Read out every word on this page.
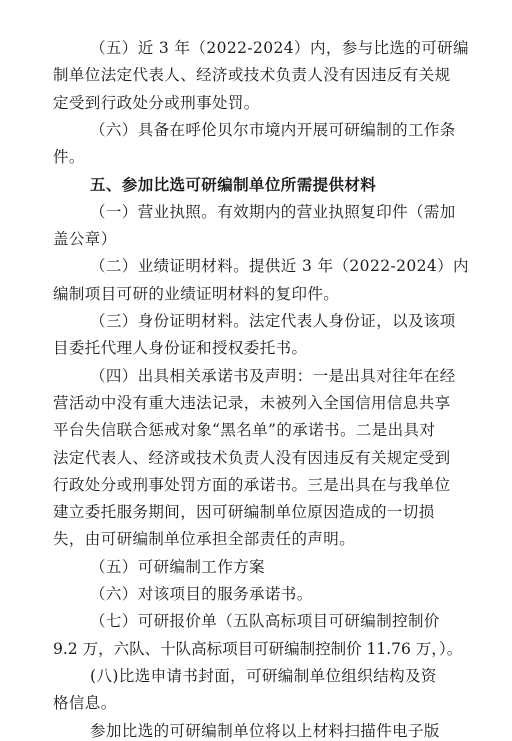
（五）近 3 年（2022-2024）内，参与比选的可研编
制单位法定代表人、经济或技术负责人没有因违反有关规
定受到行政处分或刑事处罚。
（六）具备在呼伦贝尔市境内开展可研编制的工作条
件。
五、参加比选可研编制单位所需提供材料
（一）营业执照。有效期内的营业执照复印件（需加
盖公章）
（二）业绩证明材料。提供近 3 年（2022-2024）内
编制项目可研的业绩证明材料的复印件。
（三）身份证明材料。法定代表人身份证，以及该项
目委托代理人身份证和授权委托书。
（四）出具相关承诺书及声明：一是出具对往年在经
营活动中没有重大违法记录，未被列入全国信用信息共享
平台失信联合惩戒对象“黑名单”的承诺书。二是出具对
法定代表人、经济或技术负责人没有因违反有关规定受到
行政处分或刑事处罚方面的承诺书。三是出具在与我单位
建立委托服务期间，因可研编制单位原因造成的一切损
失，由可研编制单位承担全部责任的声明。
（五）可研编制工作方案
（六）对该项目的服务承诺书。
（七）可研报价单（五队高标项目可研编制控制价
9.2 万，六队、十队高标项目可研编制控制价 11.76 万，）。
(八)比选申请书封面，可研编制单位组织结构及资
格信息。
参加比选的可研编制单位将以上材料扫描件电子版
